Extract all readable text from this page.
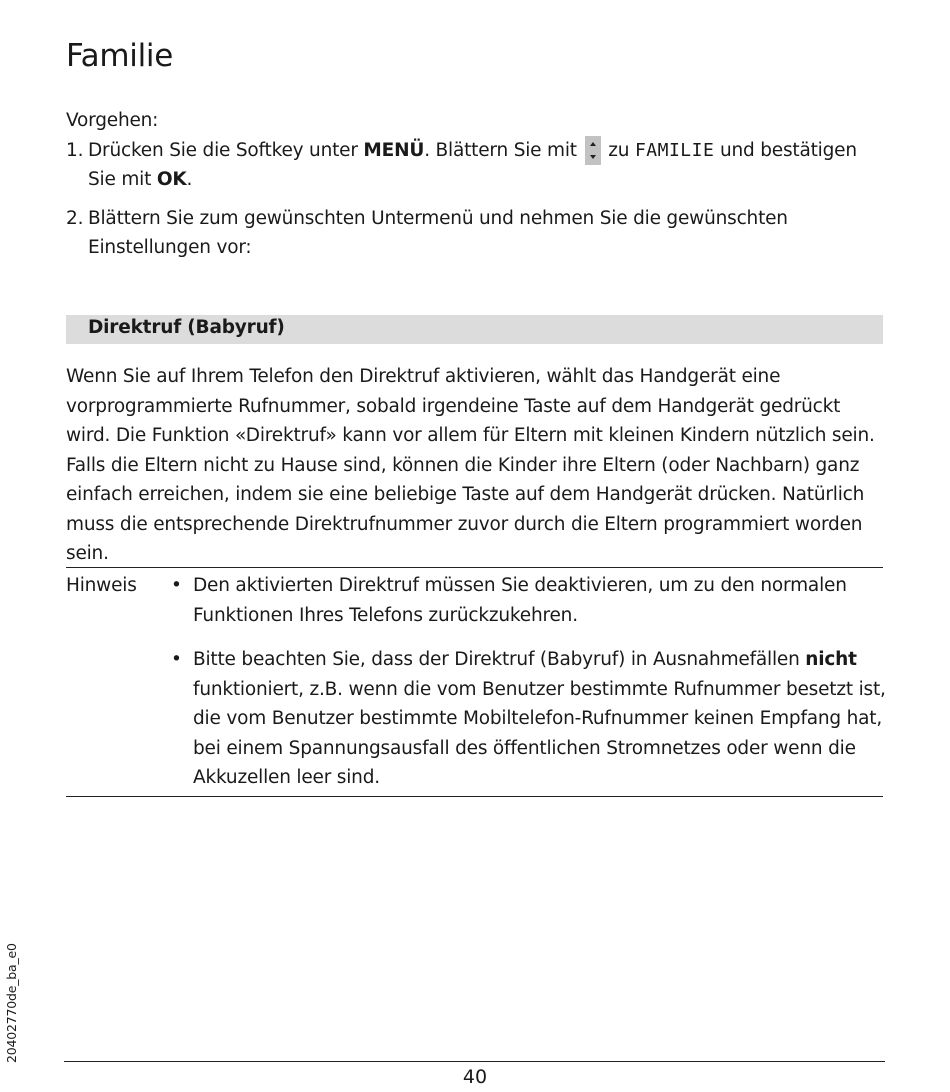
Familie
Vorgehen:
1. Drücken Sie die Softkey unter MENÜ. Blättern Sie mit  zu FAMILIE und bestätigen Sie mit OK.
2. Blättern Sie zum gewünschten Untermenü und nehmen Sie die gewünschten Einstellungen vor:
Direktruf (Babyruf)
Wenn Sie auf Ihrem Telefon den Direktruf aktivieren, wählt das Handgerät eine vorprogrammierte Rufnummer, sobald irgendeine Taste auf dem Handgerät gedrückt wird. Die Funktion «Direktruf» kann vor allem für Eltern mit kleinen Kindern nützlich sein. Falls die Eltern nicht zu Hause sind, können die Kinder ihre Eltern (oder Nachbarn) ganz einfach erreichen, indem sie eine beliebige Taste auf dem Handgerät drücken. Natürlich muss die entsprechende Direktrufnummer zuvor durch die Eltern programmiert worden sein.
Hinweis • Den aktivierten Direktruf müssen Sie deaktivieren, um zu den normalen Funktionen Ihres Telefons zurückzukehren.
• Bitte beachten Sie, dass der Direktruf (Babyruf) in Ausnahmefällen nicht funktioniert, z.B. wenn die vom Benutzer bestimmte Rufnummer besetzt ist, die vom Benutzer bestimmte Mobiltelefon-Rufnummer keinen Empfang hat, bei einem Spannungsausfall des öffentlichen Stromnetzes oder wenn die Akkuzellen leer sind.
20402770de_ba_e0
40
